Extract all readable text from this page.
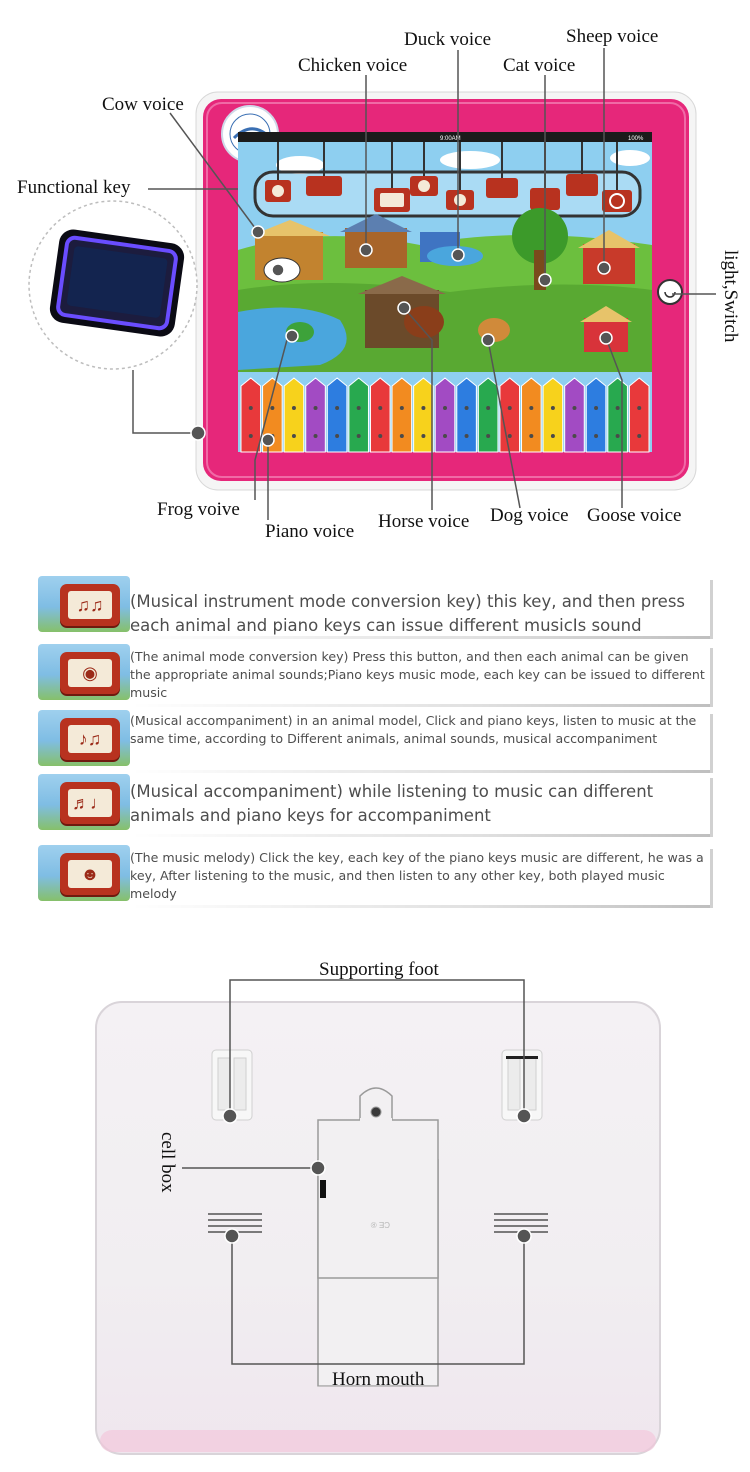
9:00AM	100%
Cow voice
Chicken voice
Duck voice
Cat voice
Sheep voice
Functional key
light,Switch
Frog voive
Piano voice Horse voice Dog voice Goose voice
♫♫	(Musical instrument mode conversion key) this key, and then press each animal and piano keys can issue different musicIs sound
◉
(The animal mode conversion key) Press this button, and then each animal can be given the appropriate animal sounds;Piano keys music mode, each key can be issued to different music
♪♫
(Musical accompaniment) in an animal model, Click and piano keys, listen to music at the same time, according to Different animals, animal sounds, musical accompaniment
♬♩
(Musical accompaniment) while listening to music can different animals and piano keys for accompaniment
☻
(The music melody) Click the key, each key of the piano keys music are different, he was a key, After listening to the music, and then listen to any other key, both played music melody
CE ®
Supporting foot
cell box
Horn mouth
